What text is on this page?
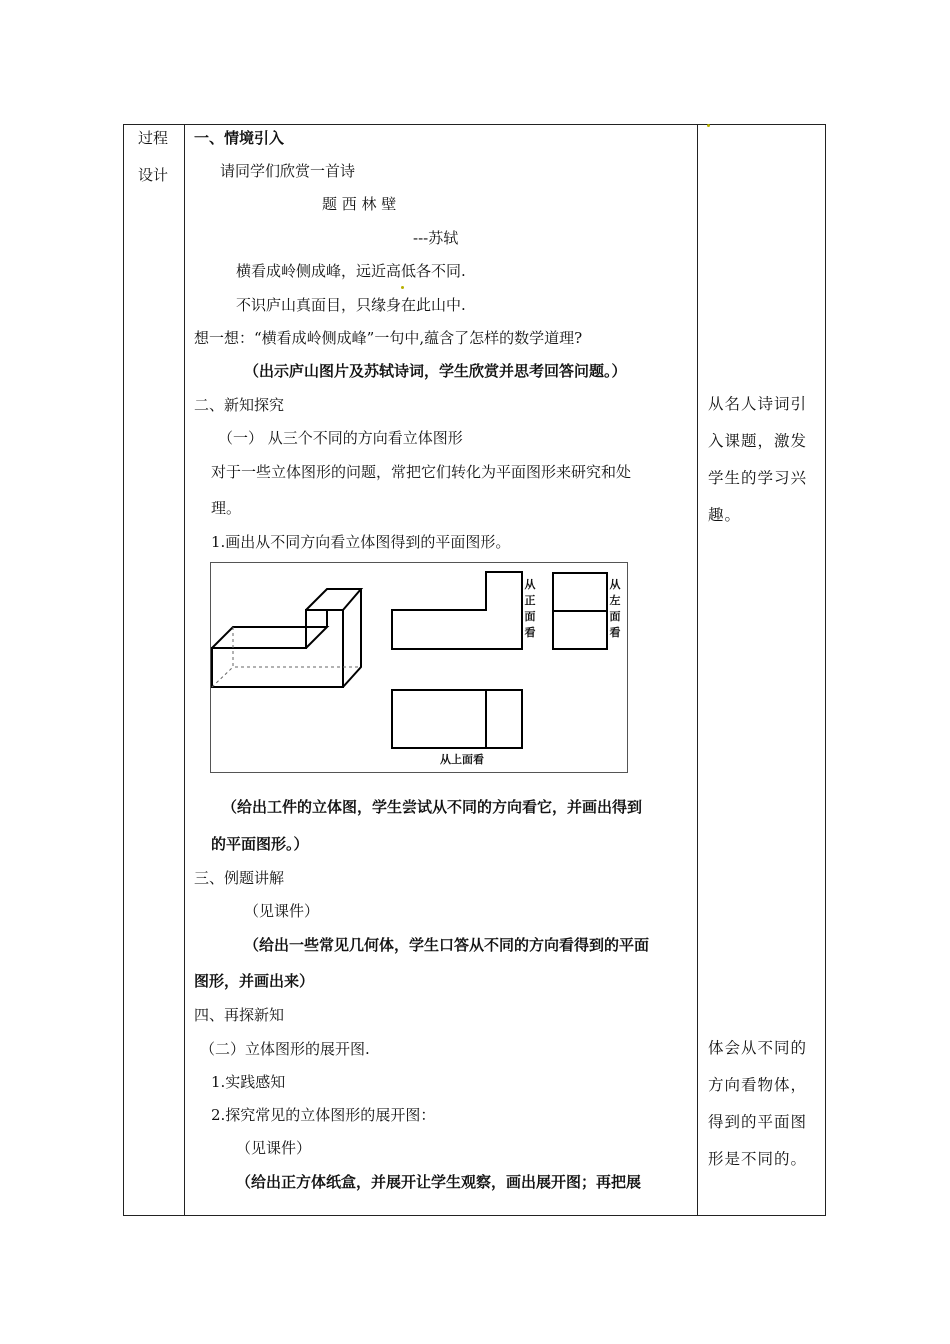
过程
设计
一、情境引入
请同学们欣赏一首诗
题 西 林 壁
---苏轼
横看成岭侧成峰，远近高低各不同.
不识庐山真面目，只缘身在此山中.
想一想：“横看成岭侧成峰”一句中,蕴含了怎样的数学道理?
（出示庐山图片及苏轼诗词，学生欣赏并思考回答问题。）
二、新知探究
（一） 从三个不同的方向看立体图形
对于一些立体图形的问题，常把它们转化为平面图形来研究和处
理。
1.画出从不同方向看立体图得到的平面图形。
从正面看
从左面看
从上面看
（给出工件的立体图，学生尝试从不同的方向看它，并画出得到
的平面图形。）
三、例题讲解
（见课件）
（给出一些常见几何体，学生口答从不同的方向看得到的平面
图形，并画出来）
四、再探新知
（二）立体图形的展开图.
1.实践感知
2.探究常见的立体图形的展开图：
（见课件）
（给出正方体纸盒，并展开让学生观察，画出展开图；再把展
从名人诗词引入课题，激发学生的学习兴趣。
体会从不同的方向看物体，得到的平面图形是不同的。
